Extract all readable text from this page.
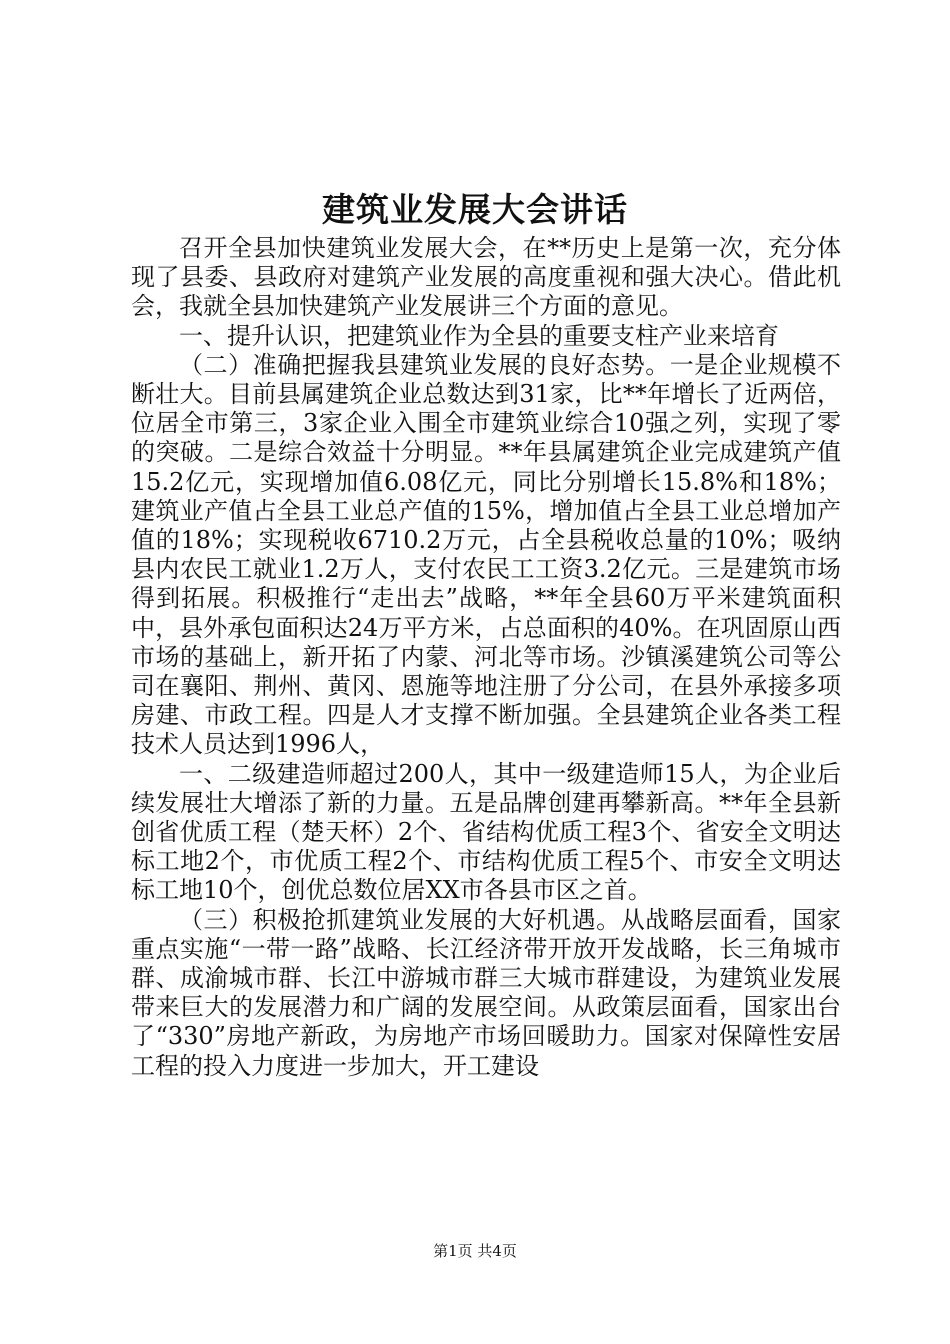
建筑业发展大会讲话

召开全县加快建筑业发展大会，在**历史上是第一次，充分体现了县委、县政府对建筑产业发展的高度重视和强大决心。借此机会，我就全县加快建筑产业发展讲三个方面的意见。

一、提升认识，把建筑业作为全县的重要支柱产业来培育

（二）准确把握我县建筑业发展的良好态势。一是企业规模不断壮大。目前县属建筑企业总数达到31家，比**年增长了近两倍，位居全市第三，3家企业入围全市建筑业综合10强之列，实现了零的突破。二是综合效益十分明显。**年县属建筑企业完成建筑产值15.2亿元，实现增加值6.08亿元，同比分别增长15.8%和18%；建筑业产值占全县工业总产值的15%，增加值占全县工业总增加产值的18%；实现税收6710.2万元，占全县税收总量的10%；吸纳县内农民工就业1.2万人，支付农民工工资3.2亿元。三是建筑市场得到拓展。积极推行“走出去”战略，**年全县60万平米建筑面积中，县外承包面积达24万平方米，占总面积的40%。在巩固原山西市场的基础上，新开拓了内蒙、河北等市场。沙镇溪建筑公司等公司在襄阳、荆州、黄冈、恩施等地注册了分公司，在县外承接多项房建、市政工程。四是人才支撑不断加强。全县建筑企业各类工程技术人员达到1996人，

一、二级建造师超过200人，其中一级建造师15人，为企业后续发展壮大增添了新的力量。五是品牌创建再攀新高。**年全县新创省优质工程（楚天杯）2个、省结构优质工程3个、省安全文明达标工地2个，市优质工程2个、市结构优质工程5个、市安全文明达标工地10个，创优总数位居XX市各县市区之首。

（三）积极抢抓建筑业发展的大好机遇。从战略层面看，国家重点实施“一带一路”战略、长江经济带开放开发战略，长三角城市群、成渝城市群、长江中游城市群三大城市群建设，为建筑业发展带来巨大的发展潜力和广阔的发展空间。从政策层面看，国家出台了“330”房地产新政，为房地产市场回暖助力。国家对保障性安居工程的投入力度进一步加大，开工建设

第1页 共4页
